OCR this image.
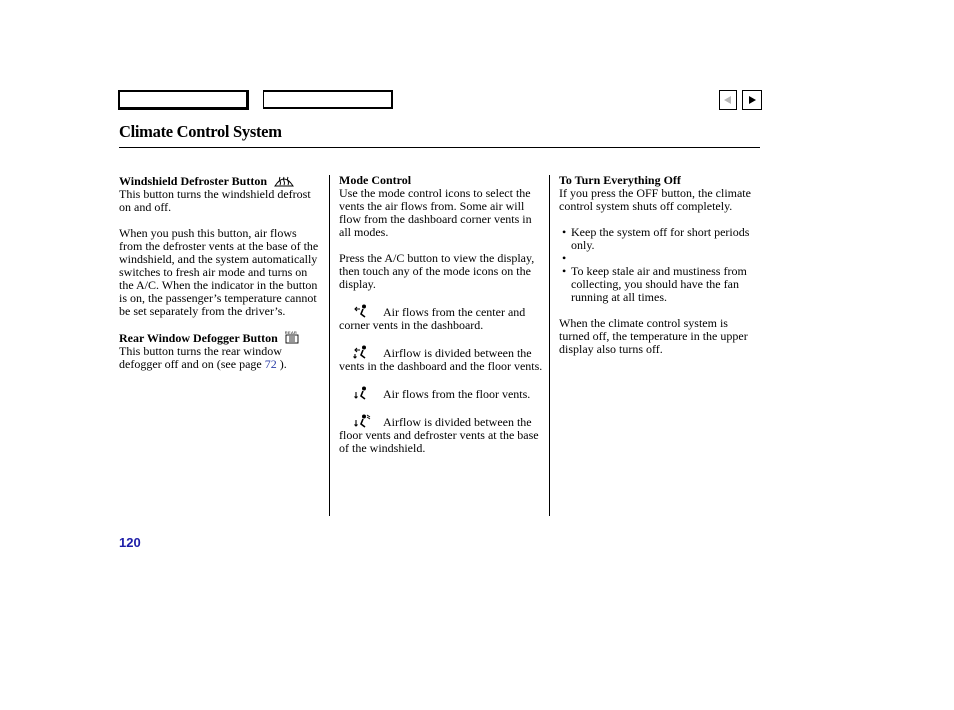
Climate Control System

Windshield Defroster Button

This button turns the windshield defrost on and off.

When you push this button, air flows from the defroster vents at the base of the windshield, and the system automatically switches to fresh air mode and turns on the A/C. When the indicator in the button is on, the passenger’s temperature cannot be set separately from the driver’s.

Rear Window Defogger Button REAR

This button turns the rear window defogger off and on (see page 72 ).

Mode Control

Use the mode control icons to select the vents the air flows from. Some air will flow from the dashboard corner vents in all modes.

Press the A/C button to view the display, then touch any of the mode icons on the display.

Air flows from the center and corner vents in the dashboard.

Airflow is divided between the vents in the dashboard and the floor vents.

Air flows from the floor vents.

Airflow is divided between the floor vents and defroster vents at the base of the windshield.

To Turn Everything Off

If you press the OFF button, the climate control system shuts off completely.

• Keep the system off for short periods only.
•
• To keep stale air and mustiness from collecting, you should have the fan running at all times.

When the climate control system is turned off, the temperature in the upper display also turns off.

120
